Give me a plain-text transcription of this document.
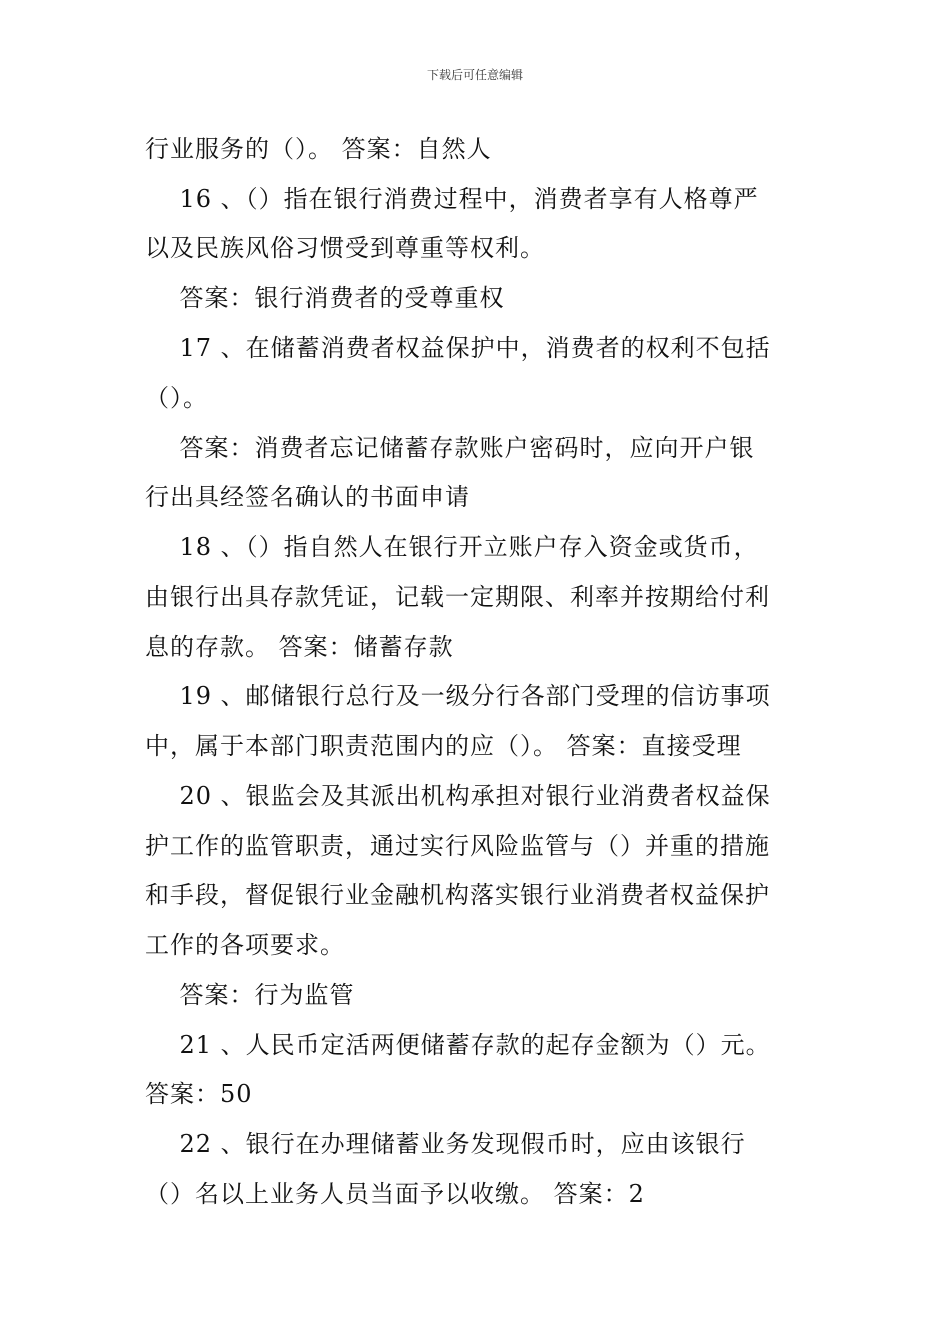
下载后可任意编辑
行业服务的（）。 答案：自然人
16 、（）指在银行消费过程中，消费者享有人格尊严
以及民族风俗习惯受到尊重等权利。
答案：银行消费者的受尊重权
17 、在储蓄消费者权益保护中，消费者的权利不包括
（）。
答案：消费者忘记储蓄存款账户密码时，应向开户银
行出具经签名确认的书面申请
18 、（）指自然人在银行开立账户存入资金或货币，
由银行出具存款凭证，记载一定期限、利率并按期给付利
息的存款。 答案：储蓄存款
19 、邮储银行总行及一级分行各部门受理的信访事项
中，属于本部门职责范围内的应（）。 答案：直接受理
20 、银监会及其派出机构承担对银行业消费者权益保
护工作的监管职责，通过实行风险监管与（）并重的措施
和手段，督促银行业金融机构落实银行业消费者权益保护
工作的各项要求。
答案：行为监管
21 、人民币定活两便储蓄存款的起存金额为（）元。
答案：50
22 、银行在办理储蓄业务发现假币时，应由该银行
（）名以上业务人员当面予以收缴。 答案：2
